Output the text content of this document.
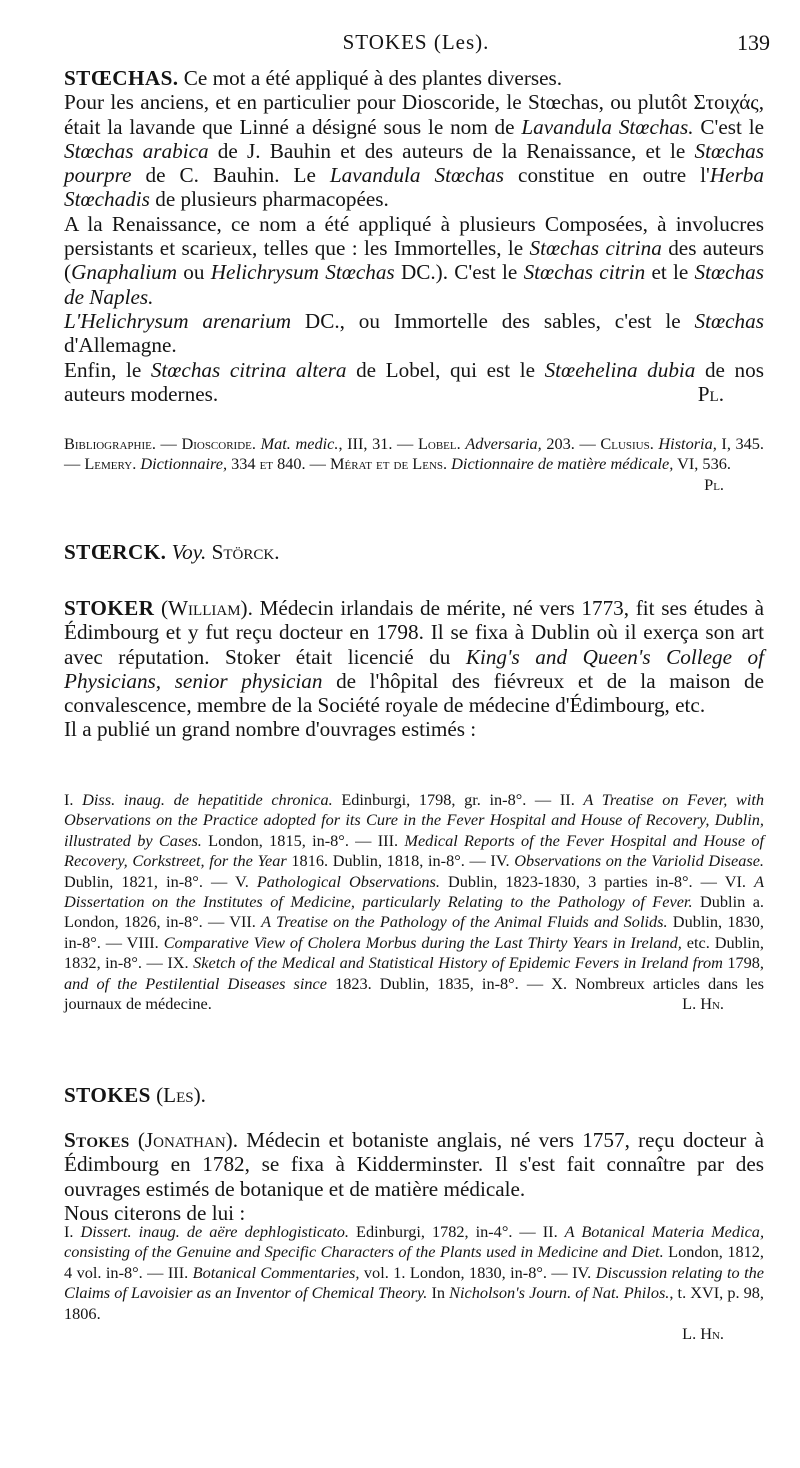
STOKES (Les).	139

STŒCHAS. Ce mot a été appliqué à des plantes diverses.

Pour les anciens, et en particulier pour Dioscoride, le Stœchas, ou plutôt Στοιχάς, était la lavande que Linné a désigné sous le nom de Lavandula Stœchas. C'est le Stœchas arabica de J. Bauhin et des auteurs de la Renaissance, et le Stœchas pourpre de C. Bauhin. Le Lavandula Stœchas constitue en outre l'Herba Stœchadis de plusieurs pharmacopées.

A la Renaissance, ce nom a été appliqué à plusieurs Composées, à involucres persistants et scarieux, telles que : les Immortelles, le Stœchas citrina des auteurs (Gnaphalium ou Helichrysum Stœchas DC.). C'est le Stœchas citrin et le Stœchas de Naples.

L'Helichrysum arenarium DC., ou Immortelle des sables, c'est le Stœchas d'Allemagne.

Enfin, le Stœchas citrina altera de Lobel, qui est le Stœehelina dubia de nos auteurs modernes.	Pl.

Bibliographie. — Dioscoride. Mat. medic., III, 31. — Lobel. Adversaria, 203. — Clusius. Historia, I, 345. — Lemery. Dictionnaire, 334 et 840. — Mérat et de Lens. Dictionnaire de matière médicale, VI, 536.
Pl.

STŒRCK. Voy. Störck.

STOKER (William). Médecin irlandais de mérite, né vers 1773, fit ses études à Édimbourg et y fut reçu docteur en 1798. Il se fixa à Dublin où il exerça son art avec réputation. Stoker était licencié du King's and Queen's College of Physicians, senior physician de l'hôpital des fiévreux et de la maison de convalescence, membre de la Société royale de médecine d'Édimbourg, etc.

Il a publié un grand nombre d'ouvrages estimés :

I. Diss. inaug. de hepatitide chronica. Edinburgi, 1798, gr. in-8°. — II. A Treatise on Fever, with Observations on the Practice adopted for its Cure in the Fever Hospital and House of Recovery, Dublin, illustrated by Cases. London, 1815, in-8°. — III. Medical Reports of the Fever Hospital and House of Recovery, Corkstreet, for the Year 1816. Dublin, 1818, in-8°. — IV. Observations on the Variolid Disease. Dublin, 1821, in-8°. — V. Pathological Observations. Dublin, 1823-1830, 3 parties in-8°. — VI. A Dissertation on the Institutes of Medicine, particularly Relating to the Pathology of Fever. Dublin a. London, 1826, in-8°. — VII. A Treatise on the Pathology of the Animal Fluids and Solids. Dublin, 1830, in-8°. — VIII. Comparative View of Cholera Morbus during the Last Thirty Years in Ireland, etc. Dublin, 1832, in-8°. — IX. Sketch of the Medical and Statistical History of Epidemic Fevers in Ireland from 1798, and of the Pestilential Diseases since 1823. Dublin, 1835, in-8°. — X. Nombreux articles dans les journaux de médecine.	L. Hn.

STOKES (Les).

Stokes (Jonathan). Médecin et botaniste anglais, né vers 1757, reçu docteur à Édimbourg en 1782, se fixa à Kidderminster. Il s'est fait connaître par des ouvrages estimés de botanique et de matière médicale.

Nous citerons de lui :

I. Dissert. inaug. de aëre dephlogisticato. Edinburgi, 1782, in-4°. — II. A Botanical Materia Medica, consisting of the Genuine and Specific Characters of the Plants used in Medicine and Diet. London, 1812, 4 vol. in-8°. — III. Botanical Commentaries, vol. 1. London, 1830, in-8°. — IV. Discussion relating to the Claims of Lavoisier as an Inventor of Chemical Theory. In Nicholson's Journ. of Nat. Philos., t. XVI, p. 98, 1806.

L. Hn.
